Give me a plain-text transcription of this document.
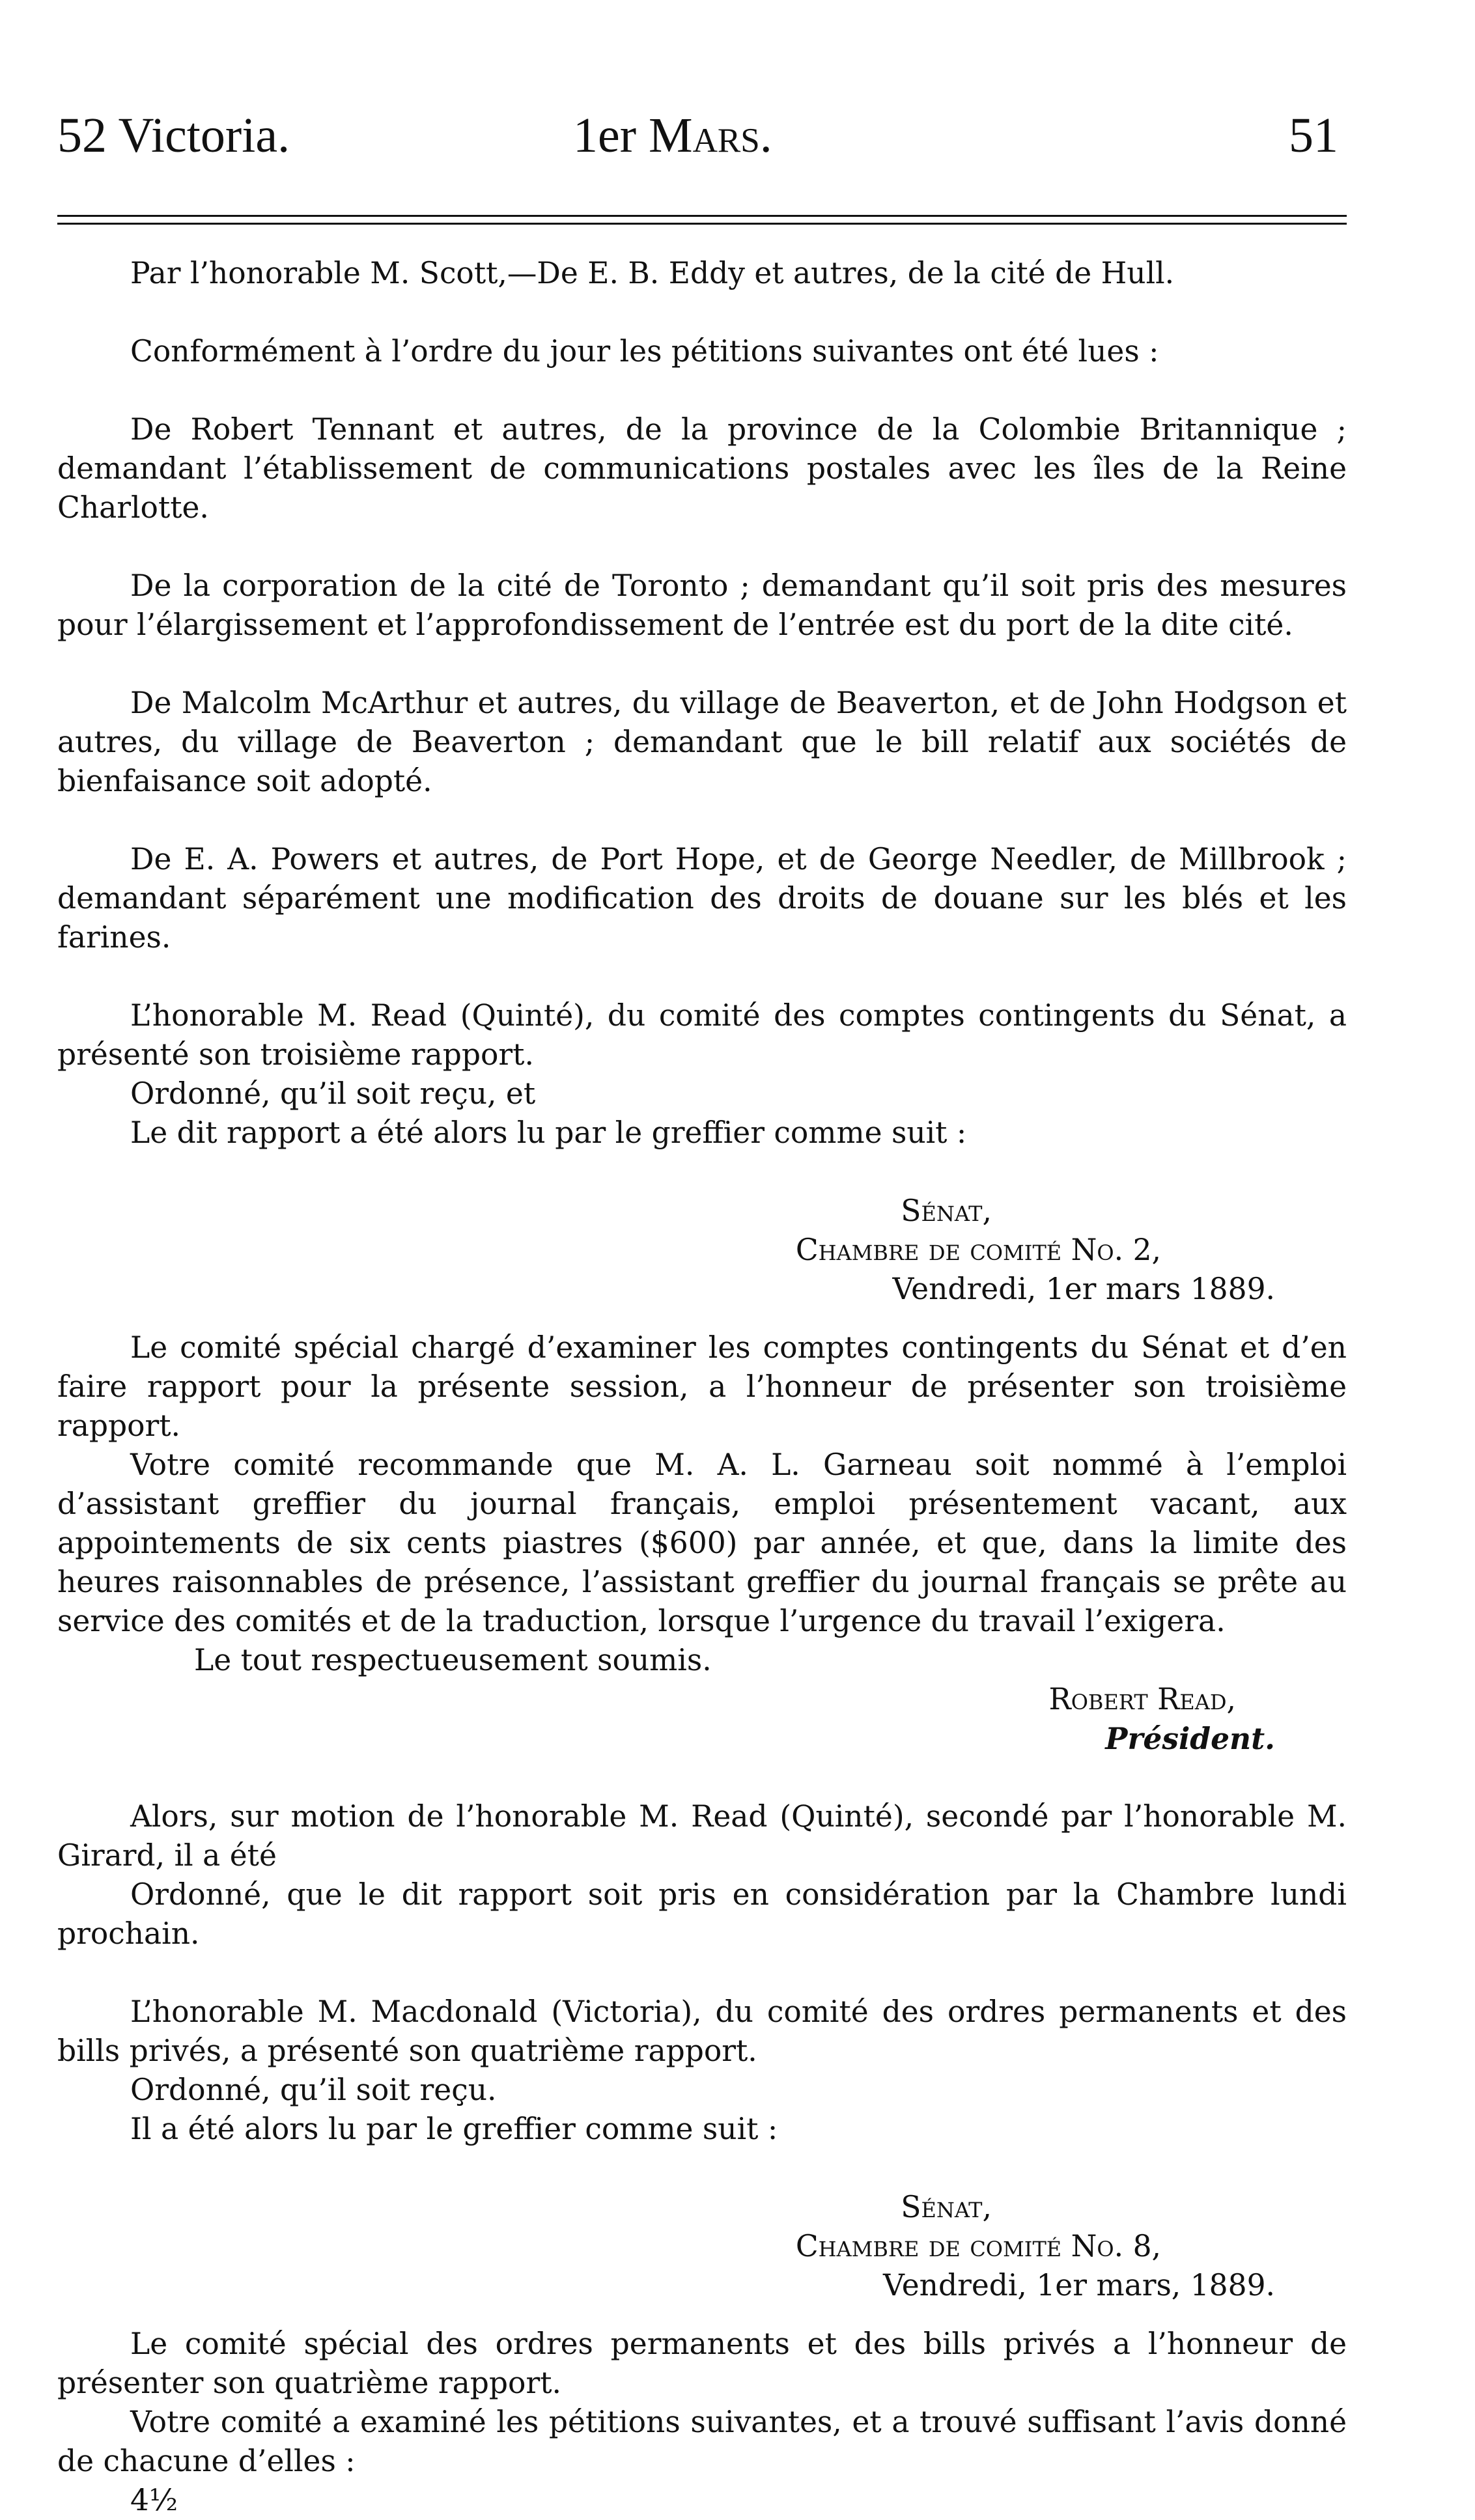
52 Victoria.	1er Mars.	51

Par l’honorable M. Scott,—De E. B. Eddy et autres, de la cité de Hull.

Conformément à l’ordre du jour les pétitions suivantes ont été lues :

De Robert Tennant et autres, de la province de la Colombie Britannique ; demandant l’établissement de communications postales avec les îles de la Reine Charlotte.

De la corporation de la cité de Toronto ; demandant qu’il soit pris des mesures pour l’élargissement et l’approfondissement de l’entrée est du port de la dite cité.

De Malcolm McArthur et autres, du village de Beaverton, et de John Hodgson et autres, du village de Beaverton ; demandant que le bill relatif aux sociétés de bienfaisance soit adopté.

De E. A. Powers et autres, de Port Hope, et de George Needler, de Millbrook ; demandant séparément une modification des droits de douane sur les blés et les farines.

L’honorable M. Read (Quinté), du comité des comptes contingents du Sénat, a présenté son troisième rapport.

Ordonné, qu’il soit reçu, et

Le dit rapport a été alors lu par le greffier comme suit :

Sénat,

Chambre de comité No. 2,

Vendredi, 1er mars 1889.

Le comité spécial chargé d’examiner les comptes contingents du Sénat et d’en faire rapport pour la présente session, a l’honneur de présenter son troisième rapport.

Votre comité recommande que M. A. L. Garneau soit nommé à l’emploi d’assistant greffier du journal français, emploi présentement vacant, aux appointements de six cents piastres ($600) par année, et que, dans la limite des heures raisonnables de présence, l’assistant greffier du journal français se prête au service des comités et de la traduction, lorsque l’urgence du travail l’exigera.

Le tout respectueusement soumis.

Robert Read,

Président.

Alors, sur motion de l’honorable M. Read (Quinté), secondé par l’honorable M. Girard, il a été

Ordonné, que le dit rapport soit pris en considération par la Chambre lundi prochain.

L’honorable M. Macdonald (Victoria), du comité des ordres permanents et des bills privés, a présenté son quatrième rapport.

Ordonné, qu’il soit reçu.

Il a été alors lu par le greffier comme suit :

Sénat,

Chambre de comité No. 8,

Vendredi, 1er mars, 1889.

Le comité spécial des ordres permanents et des bills privés a l’honneur de présenter son quatrième rapport.

Votre comité a examiné les pétitions suivantes, et a trouvé suffisant l’avis donné de chacune d’elles :

4½
